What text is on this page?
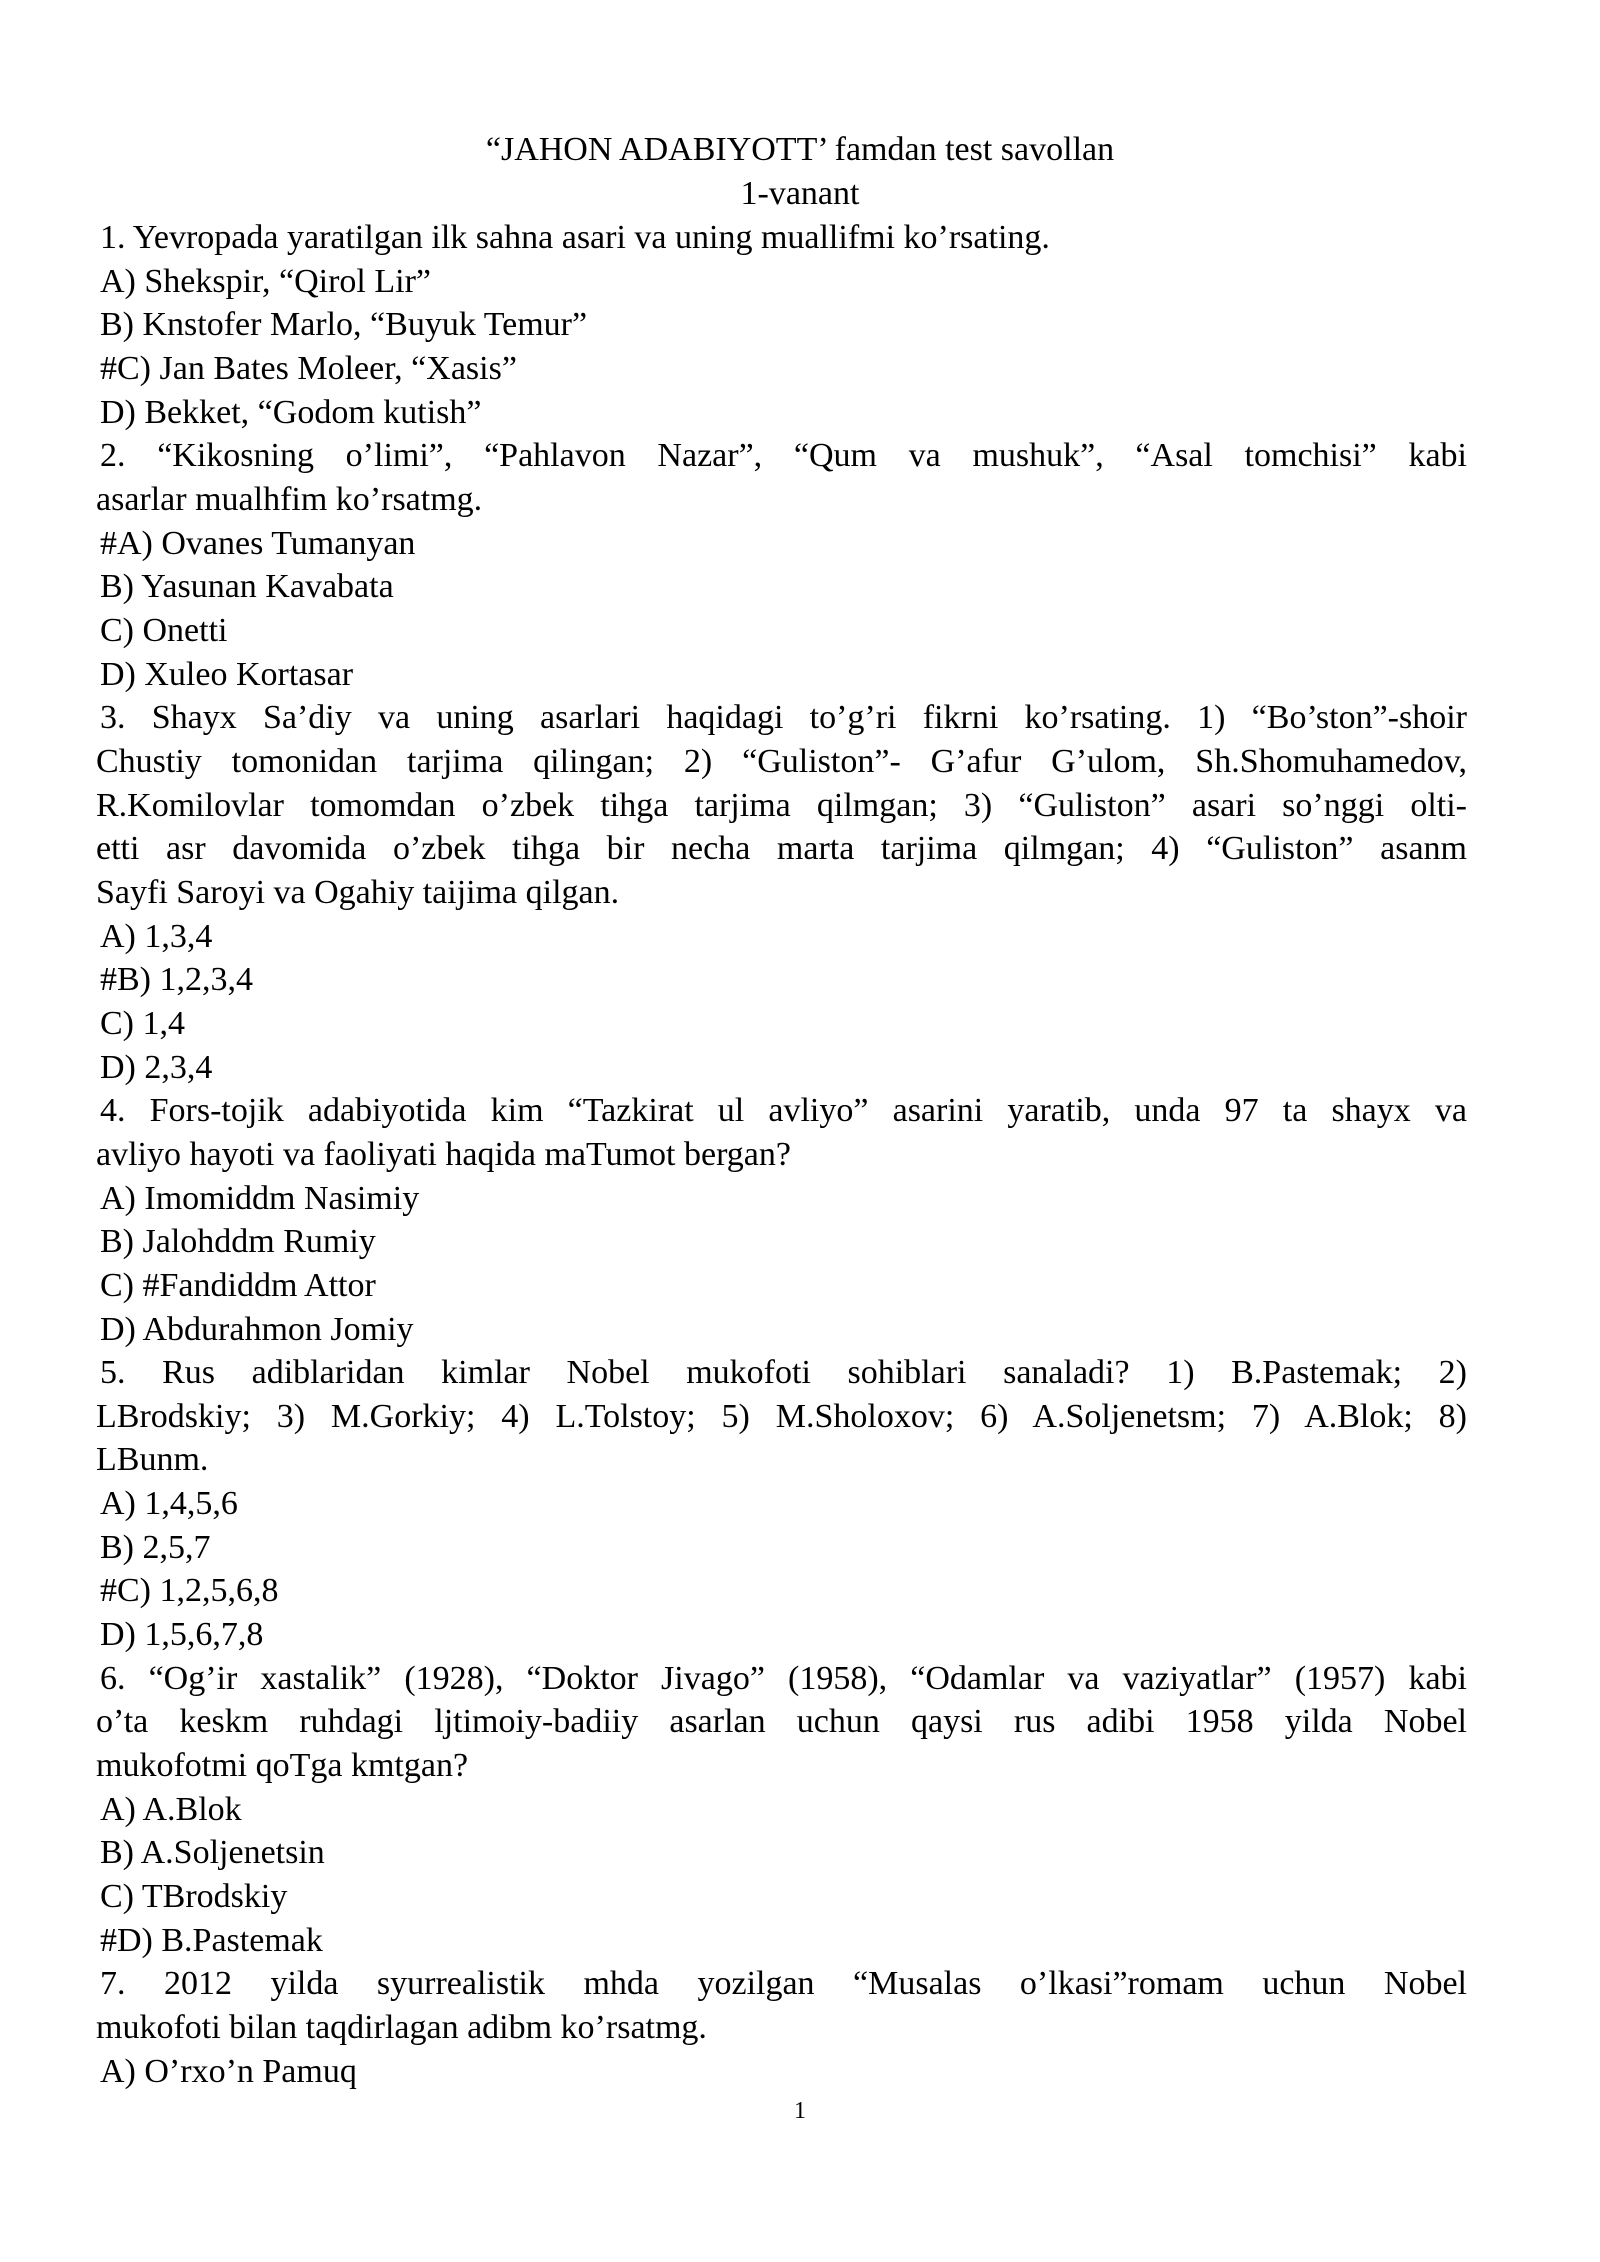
“JAHON ADABIYOTT’ famdan test savollan
1-vanant
1. Yevropada yaratilgan ilk sahna asari va uning muallifmi ko’rsating.
A) Shekspir, “Qirol Lir”
B) Knstofer Marlo, “Buyuk Temur”
#C) Jan Bates Moleer, “Xasis”
D) Bekket, “Godom kutish”
2. “Kikosning o’limi”, “Pahlavon Nazar”, “Qum va mushuk”, “Asal tomchisi” kabi
asarlar mualhfim ko’rsatmg.
#A) Ovanes Tumanyan
B) Yasunan Kavabata
C) Onetti
D) Xuleo Kortasar
3. Shayx Sa’diy va uning asarlari haqidagi to’g’ri fikrni ko’rsating. 1) “Bo’ston”-shoir
Chustiy tomonidan tarjima qilingan; 2) “Guliston”- G’afur G’ulom, Sh.Shomuhamedov,
R.Komilovlar tomomdan o’zbek tihga tarjima qilmgan; 3) “Guliston” asari so’nggi olti-
etti asr davomida o’zbek tihga bir necha marta tarjima qilmgan; 4) “Guliston” asanm
Sayfi Saroyi va Ogahiy taijima qilgan.
A) 1,3,4
#B) 1,2,3,4
C) 1,4
D) 2,3,4
4. Fors-tojik adabiyotida kim “Tazkirat ul avliyo” asarini yaratib, unda 97 ta shayx va
avliyo hayoti va faoliyati haqida maTumot bergan?
A) Imomiddm Nasimiy
B) Jalohddm Rumiy
C) #Fandiddm Attor
D) Abdurahmon Jomiy
5. Rus adiblaridan kimlar Nobel mukofoti sohiblari sanaladi? 1) B.Pastemak; 2)
LBrodskiy; 3) M.Gorkiy; 4) L.Tolstoy; 5) M.Sholoxov; 6) A.Soljenetsm; 7) A.Blok; 8)
LBunm.
A) 1,4,5,6
B) 2,5,7
#C) 1,2,5,6,8
D) 1,5,6,7,8
6. “Og’ir xastalik” (1928), “Doktor Jivago” (1958), “Odamlar va vaziyatlar” (1957) kabi
o’ta keskm ruhdagi ljtimoiy-badiiy asarlan uchun qaysi rus adibi 1958 yilda Nobel
mukofotmi qoTga kmtgan?
A) A.Blok
B) A.Soljenetsin
C) TBrodskiy
#D) B.Pastemak
7. 2012 yilda syurrealistik mhda yozilgan “Musalas o’lkasi”romam uchun Nobel
mukofoti bilan taqdirlagan adibm ko’rsatmg.
A) O’rxo’n Pamuq
1
